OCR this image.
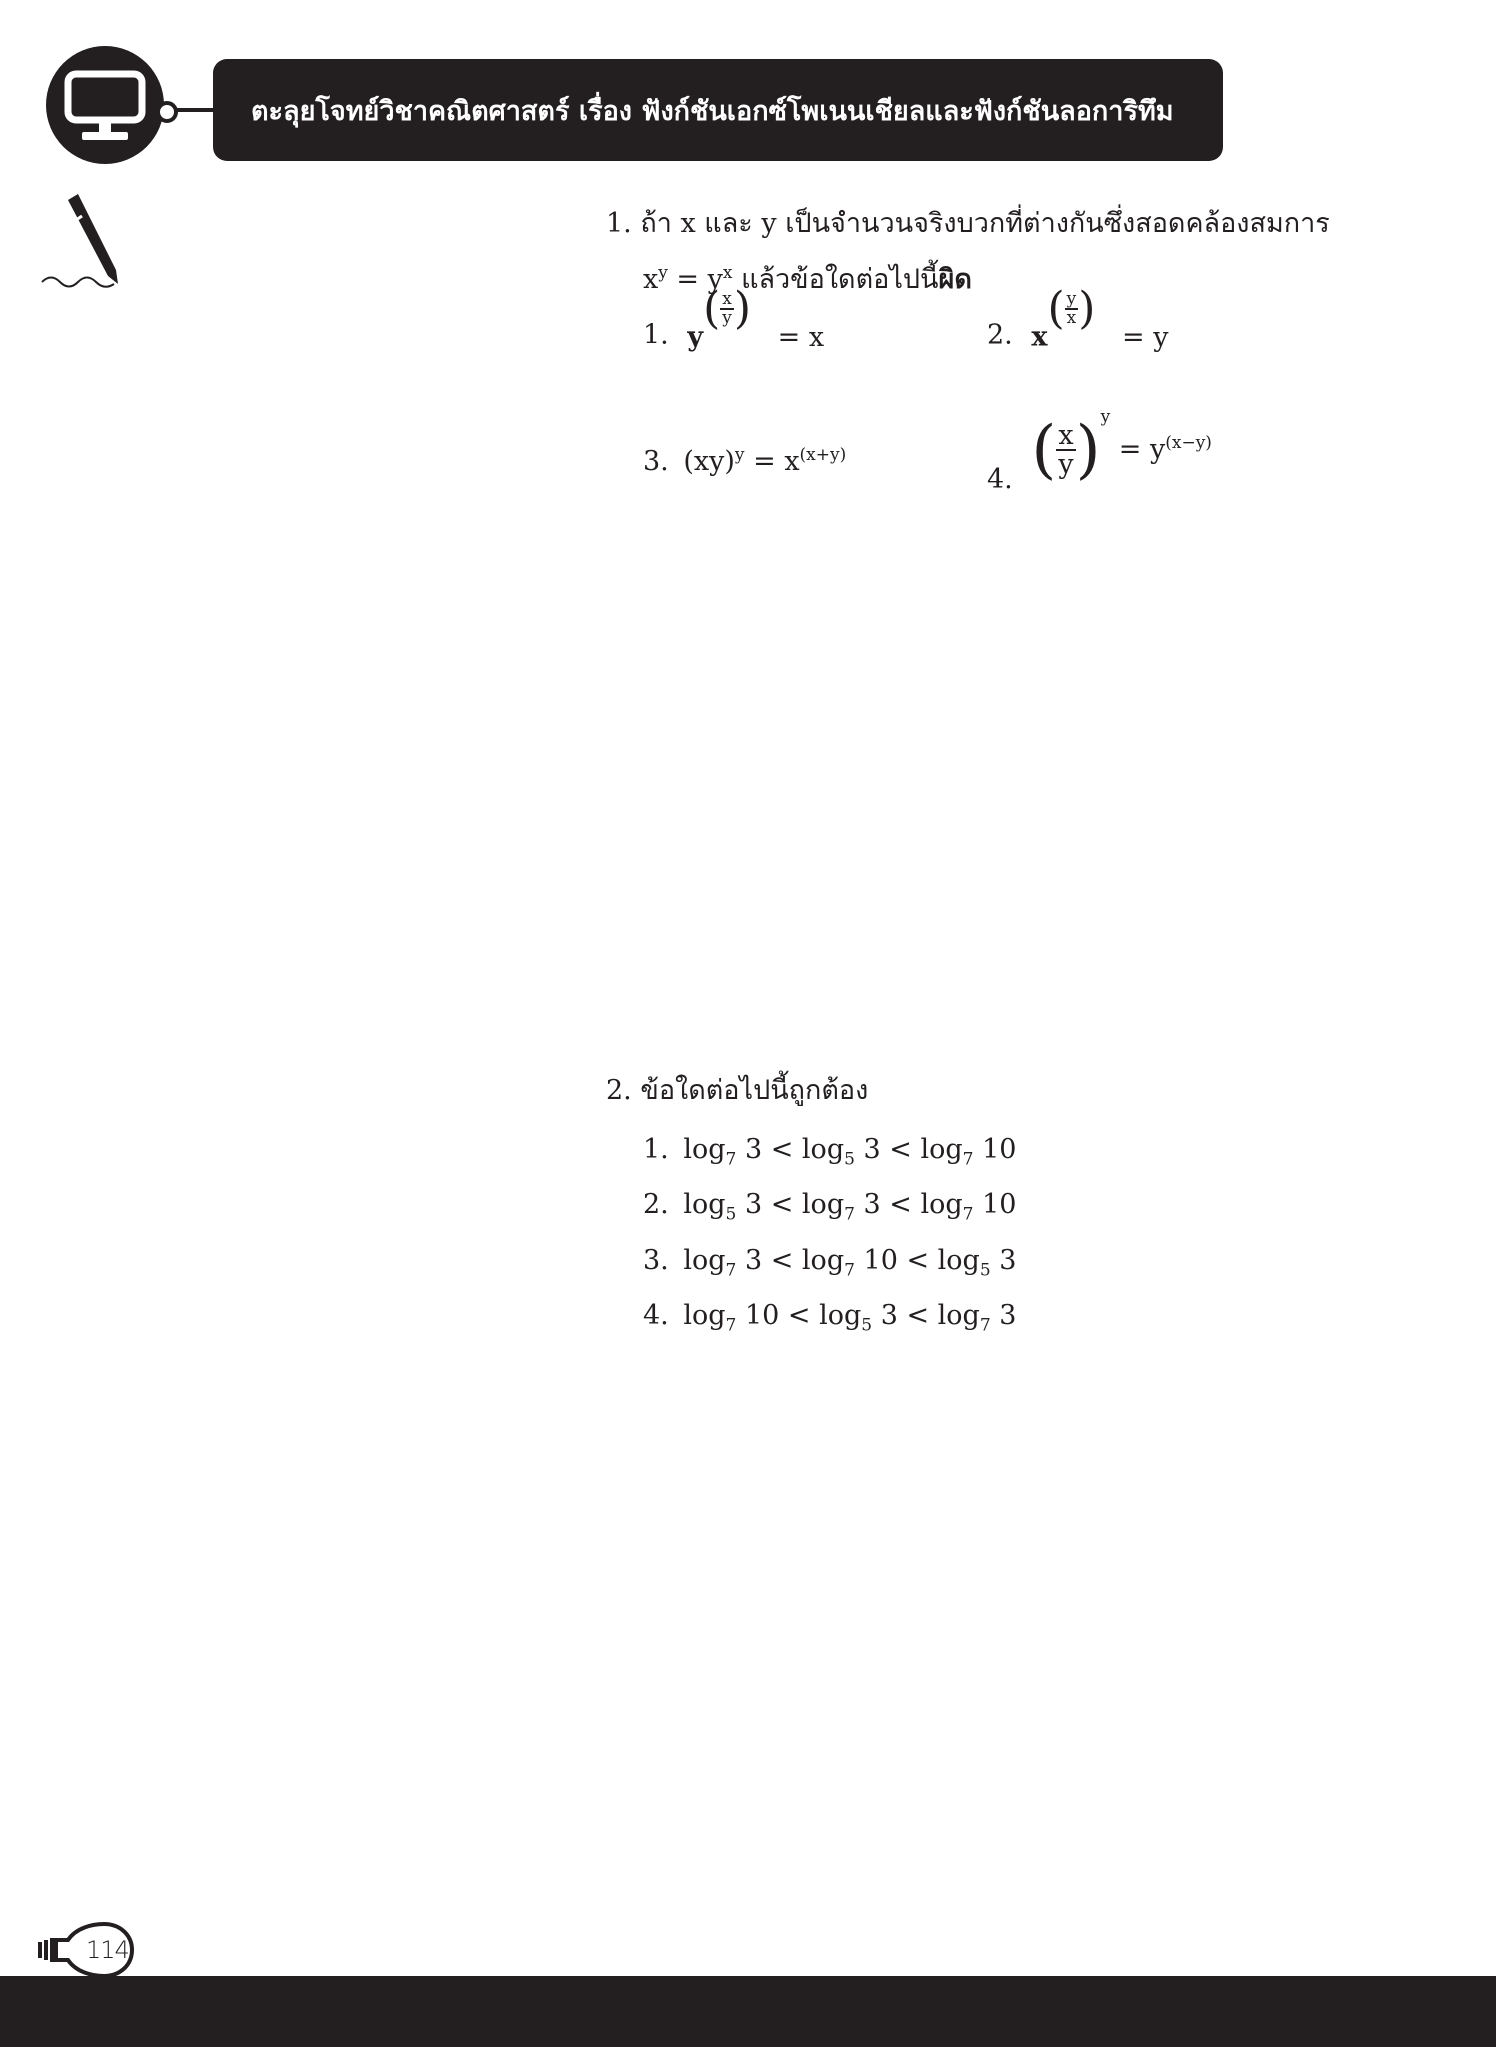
ตะลุยโจทย์วิชาคณิตศาสตร์ เรื่อง ฟังก์ชันเอกซ์โพเนนเชียลและฟังก์ชันลอการิทึม
1. ถ้า x และ y เป็นจำนวนจริงบวกที่ต่างกันซึ่งสอดคล้องสมการ
$x^y = y^x$ แล้วข้อใดต่อไปนี้ผิด
1. $y( \frac{x}{y}$ ) = x	2. $x( \frac{y}{x}$ ) = y
3. $(xy)^y = x^{(x+y)}$
4. ( $\frac{x}{y} )^y = y^{(x-y)}$
2. ข้อใดต่อไปนี้ถูกต้อง
1. $\log_7 3 < \log_5 3 < \log_7 10$
2. $\log_5 3 < \log_7 3 < \log_7 10$
3. $\log_7 3 < \log_7 10 < \log_5 3$
4. $\log_7 10 < \log_5 3 < \log_7 3$
114
